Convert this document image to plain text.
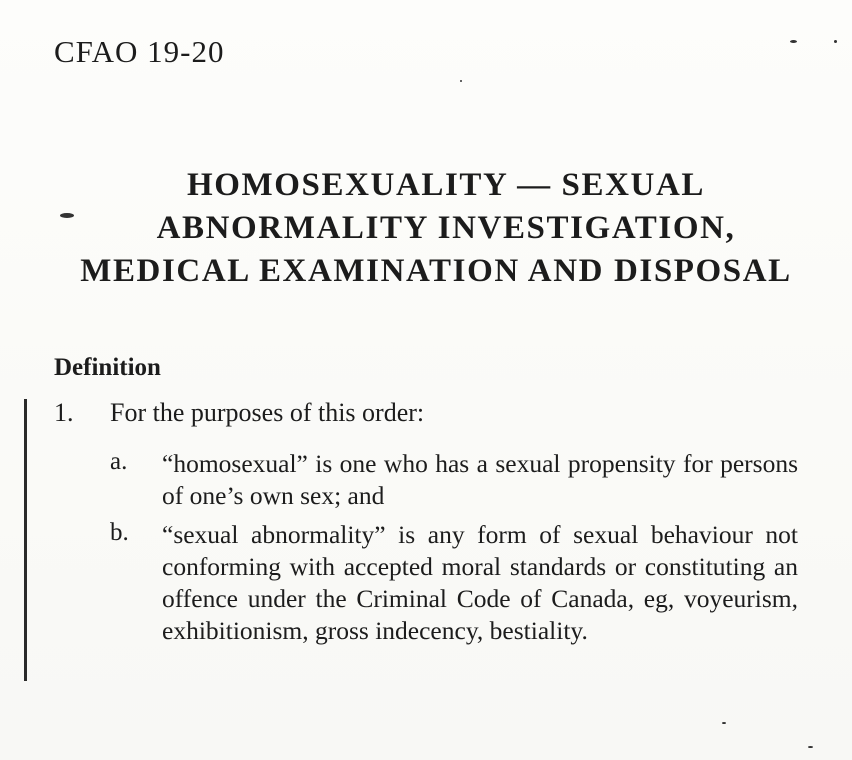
CFAO 19-20
HOMOSEXUALITY — SEXUAL
ABNORMALITY INVESTIGATION,
MEDICAL EXAMINATION AND DISPOSAL
Definition
1. For the purposes of this order:
a. “homosexual” is one who has a sexual propensity for persons of one’s own sex; and
b. “sexual abnormality” is any form of sexual behaviour not conforming with accepted moral standards or constituting an offence under the Criminal Code of Canada, eg, voyeurism, exhibitionism, gross indecency, bestiality.
